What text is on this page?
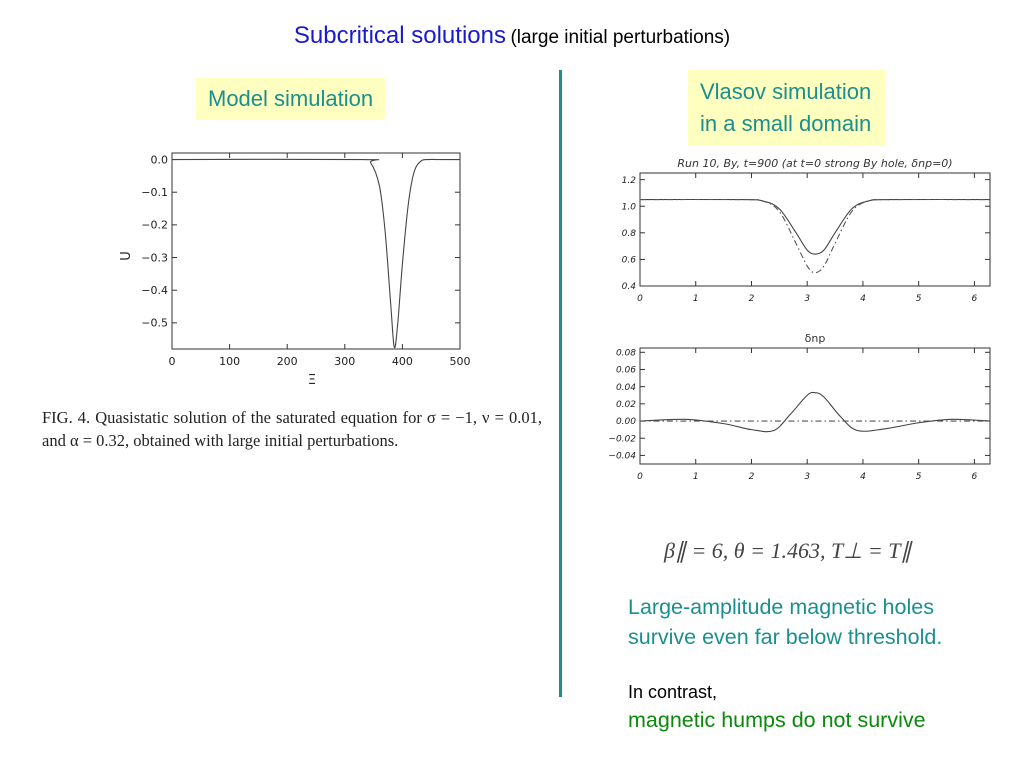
Subcritical solutions (large initial perturbations)
Model simulation	Vlasov simulation
in a small domain
0	100	200	300	400	500
0.0
−0.1
−0.2
−0.3
−0.4
−0.5
Ξ
U
0	1	2	3	4	5	6
1.2
1.0
0.8
0.6
0.4
Run 10, By, t=900 (at t=0 strong By hole, δnp=0)
0	1	2	3	4	5	6
0.08
0.06
0.04
0.02
0.00
−0.02
−0.04
δnp
FIG. 4. Quasistatic solution of the saturated equation for σ = −1, ν = 0.01, and α = 0.32, obtained with large initial perturbations.
β∥ = 6, θ = 1.463, T⊥ = T∥
Large-amplitude magnetic holes
survive even far below threshold.
In contrast,
magnetic humps do not survive
